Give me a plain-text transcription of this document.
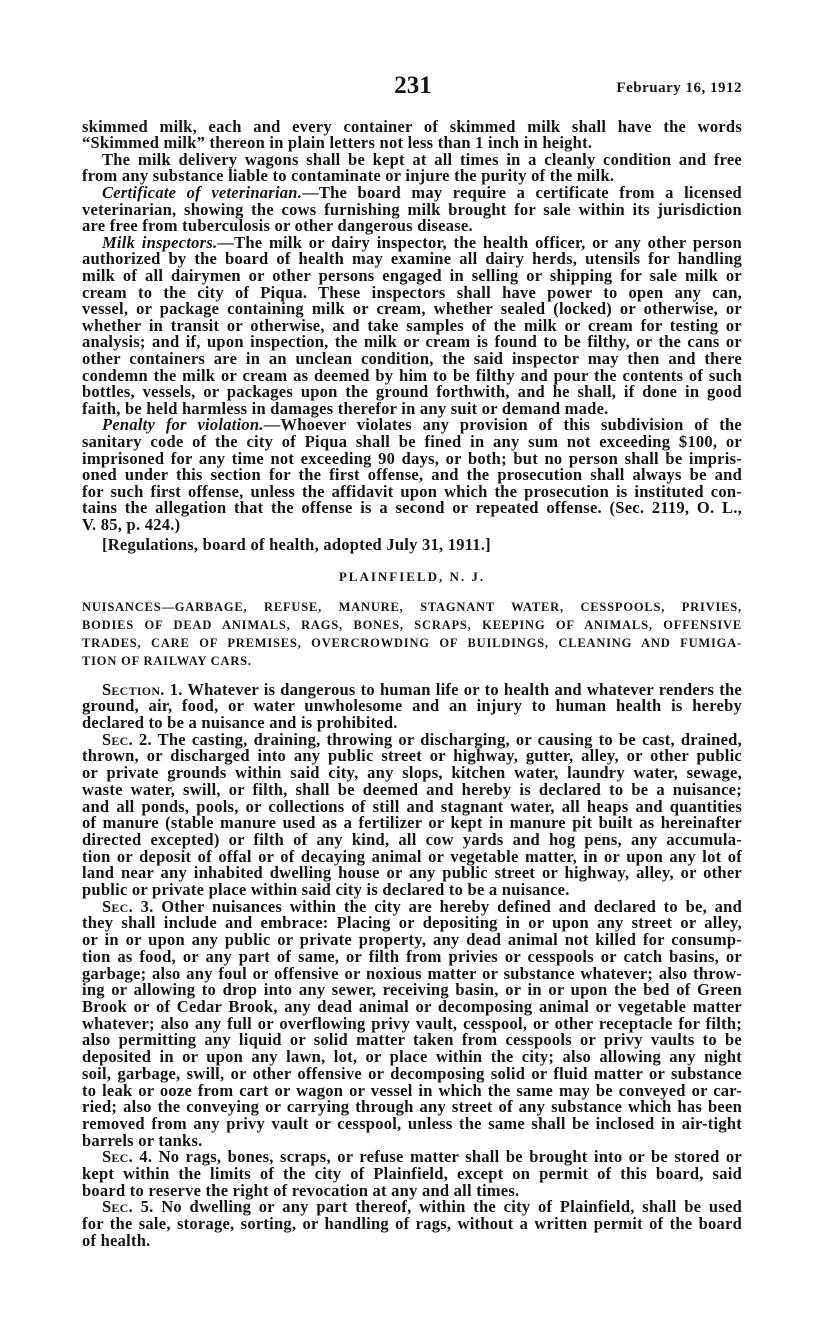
231	February 16, 1912
skimmed milk, each and every container of skimmed milk shall have the words
“Skimmed milk” thereon in plain letters not less than 1 inch in height.
The milk delivery wagons shall be kept at all times in a cleanly condition and free
from any substance liable to contaminate or injure the purity of the milk.
Certificate of veterinarian.—The board may require a certificate from a licensed
veterinarian, showing the cows furnishing milk brought for sale within its jurisdiction
are free from tuberculosis or other dangerous disease.
Milk inspectors.—The milk or dairy inspector, the health officer, or any other person
authorized by the board of health may examine all dairy herds, utensils for handling
milk of all dairymen or other persons engaged in selling or shipping for sale milk or
cream to the city of Piqua. These inspectors shall have power to open any can,
vessel, or package containing milk or cream, whether sealed (locked) or otherwise, or
whether in transit or otherwise, and take samples of the milk or cream for testing or
analysis; and if, upon inspection, the milk or cream is found to be filthy, or the cans or
other containers are in an unclean condition, the said inspector may then and there
condemn the milk or cream as deemed by him to be filthy and pour the contents of such
bottles, vessels, or packages upon the ground forthwith, and he shall, if done in good
faith, be held harmless in damages therefor in any suit or demand made.
Penalty for violation.—Whoever violates any provision of this subdivision of the
sanitary code of the city of Piqua shall be fined in any sum not exceeding $100, or
imprisoned for any time not exceeding 90 days, or both; but no person shall be impris-
oned under this section for the first offense, and the prosecution shall always be and
for such first offense, unless the affidavit upon which the prosecution is instituted con-
tains the allegation that the offense is a second or repeated offense. (Sec. 2119, O. L.,
V. 85, p. 424.)
[Regulations, board of health, adopted July 31, 1911.]
PLAINFIELD, N. J.
NUISANCES—GARBAGE, REFUSE, MANURE, STAGNANT WATER, CESSPOOLS, PRIVIES,
BODIES OF DEAD ANIMALS, RAGS, BONES, SCRAPS, KEEPING OF ANIMALS, OFFENSIVE
TRADES, CARE OF PREMISES, OVERCROWDING OF BUILDINGS, CLEANING AND FUMIGA-
TION OF RAILWAY CARS.
Section. 1. Whatever is dangerous to human life or to health and whatever renders the
ground, air, food, or water unwholesome and an injury to human health is hereby
declared to be a nuisance and is prohibited.
Sec. 2. The casting, draining, throwing or discharging, or causing to be cast, drained,
thrown, or discharged into any public street or highway, gutter, alley, or other public
or private grounds within said city, any slops, kitchen water, laundry water, sewage,
waste water, swill, or filth, shall be deemed and hereby is declared to be a nuisance;
and all ponds, pools, or collections of still and stagnant water, all heaps and quantities
of manure (stable manure used as a fertilizer or kept in manure pit built as hereinafter
directed excepted) or filth of any kind, all cow yards and hog pens, any accumula-
tion or deposit of offal or of decaying animal or vegetable matter, in or upon any lot of
land near any inhabited dwelling house or any public street or highway, alley, or other
public or private place within said city is declared to be a nuisance.
Sec. 3. Other nuisances within the city are hereby defined and declared to be, and
they shall include and embrace: Placing or depositing in or upon any street or alley,
or in or upon any public or private property, any dead animal not killed for consump-
tion as food, or any part of same, or filth from privies or cesspools or catch basins, or
garbage; also any foul or offensive or noxious matter or substance whatever; also throw-
ing or allowing to drop into any sewer, receiving basin, or in or upon the bed of Green
Brook or of Cedar Brook, any dead animal or decomposing animal or vegetable matter
whatever; also any full or overflowing privy vault, cesspool, or other receptacle for filth;
also permitting any liquid or solid matter taken from cesspools or privy vaults to be
deposited in or upon any lawn, lot, or place within the city; also allowing any night
soil, garbage, swill, or other offensive or decomposing solid or fluid matter or substance
to leak or ooze from cart or wagon or vessel in which the same may be conveyed or car-
ried; also the conveying or carrying through any street of any substance which has been
removed from any privy vault or cesspool, unless the same shall be inclosed in air-tight
barrels or tanks.
Sec. 4. No rags, bones, scraps, or refuse matter shall be brought into or be stored or
kept within the limits of the city of Plainfield, except on permit of this board, said
board to reserve the right of revocation at any and all times.
Sec. 5. No dwelling or any part thereof, within the city of Plainfield, shall be used
for the sale, storage, sorting, or handling of rags, without a written permit of the board
of health.
